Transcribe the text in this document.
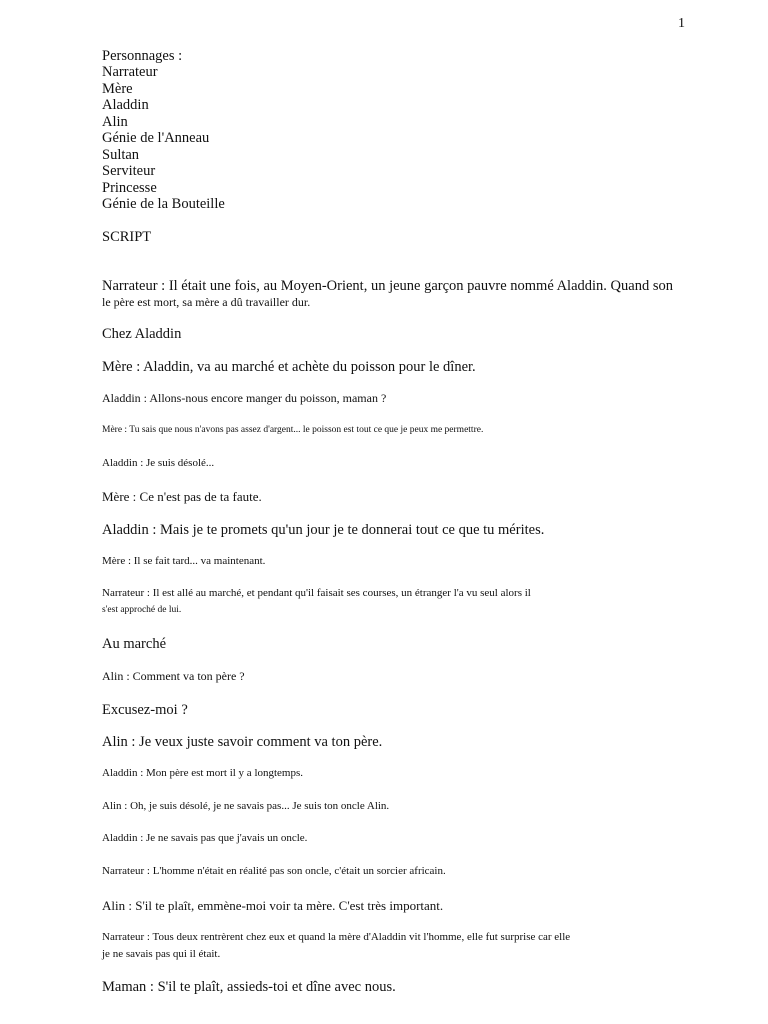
1
Personnages :
Narrateur
Mère
Aladdin
Alin
Génie de l'Anneau
Sultan
Serviteur
Princesse
Génie de la Bouteille
SCRIPT
Narrateur : Il était une fois, au Moyen-Orient, un jeune garçon pauvre nommé Aladdin. Quand son
le père est mort, sa mère a dû travailler dur.
Chez Aladdin
Mère : Aladdin, va au marché et achète du poisson pour le dîner.
Aladdin : Allons-nous encore manger du poisson, maman ?
Mère : Tu sais que nous n'avons pas assez d'argent... le poisson est tout ce que je peux me permettre.
Aladdin : Je suis désolé...
Mère : Ce n'est pas de ta faute.
Aladdin : Mais je te promets qu'un jour je te donnerai tout ce que tu mérites.
Mère : Il se fait tard... va maintenant.
Narrateur : Il est allé au marché, et pendant qu'il faisait ses courses, un étranger l'a vu seul alors il
s'est approché de lui.
Au marché
Alin : Comment va ton père ?
Excusez-moi ?
Alin : Je veux juste savoir comment va ton père.
Aladdin : Mon père est mort il y a longtemps.
Alin : Oh, je suis désolé, je ne savais pas... Je suis ton oncle Alin.
Aladdin : Je ne savais pas que j'avais un oncle.
Narrateur : L'homme n'était en réalité pas son oncle, c'était un sorcier africain.
Alin : S'il te plaît, emmène-moi voir ta mère. C'est très important.
Narrateur : Tous deux rentrèrent chez eux et quand la mère d'Aladdin vit l'homme, elle fut surprise car elle
je ne savais pas qui il était.
Maman : S'il te plaît, assieds-toi et dîne avec nous.
